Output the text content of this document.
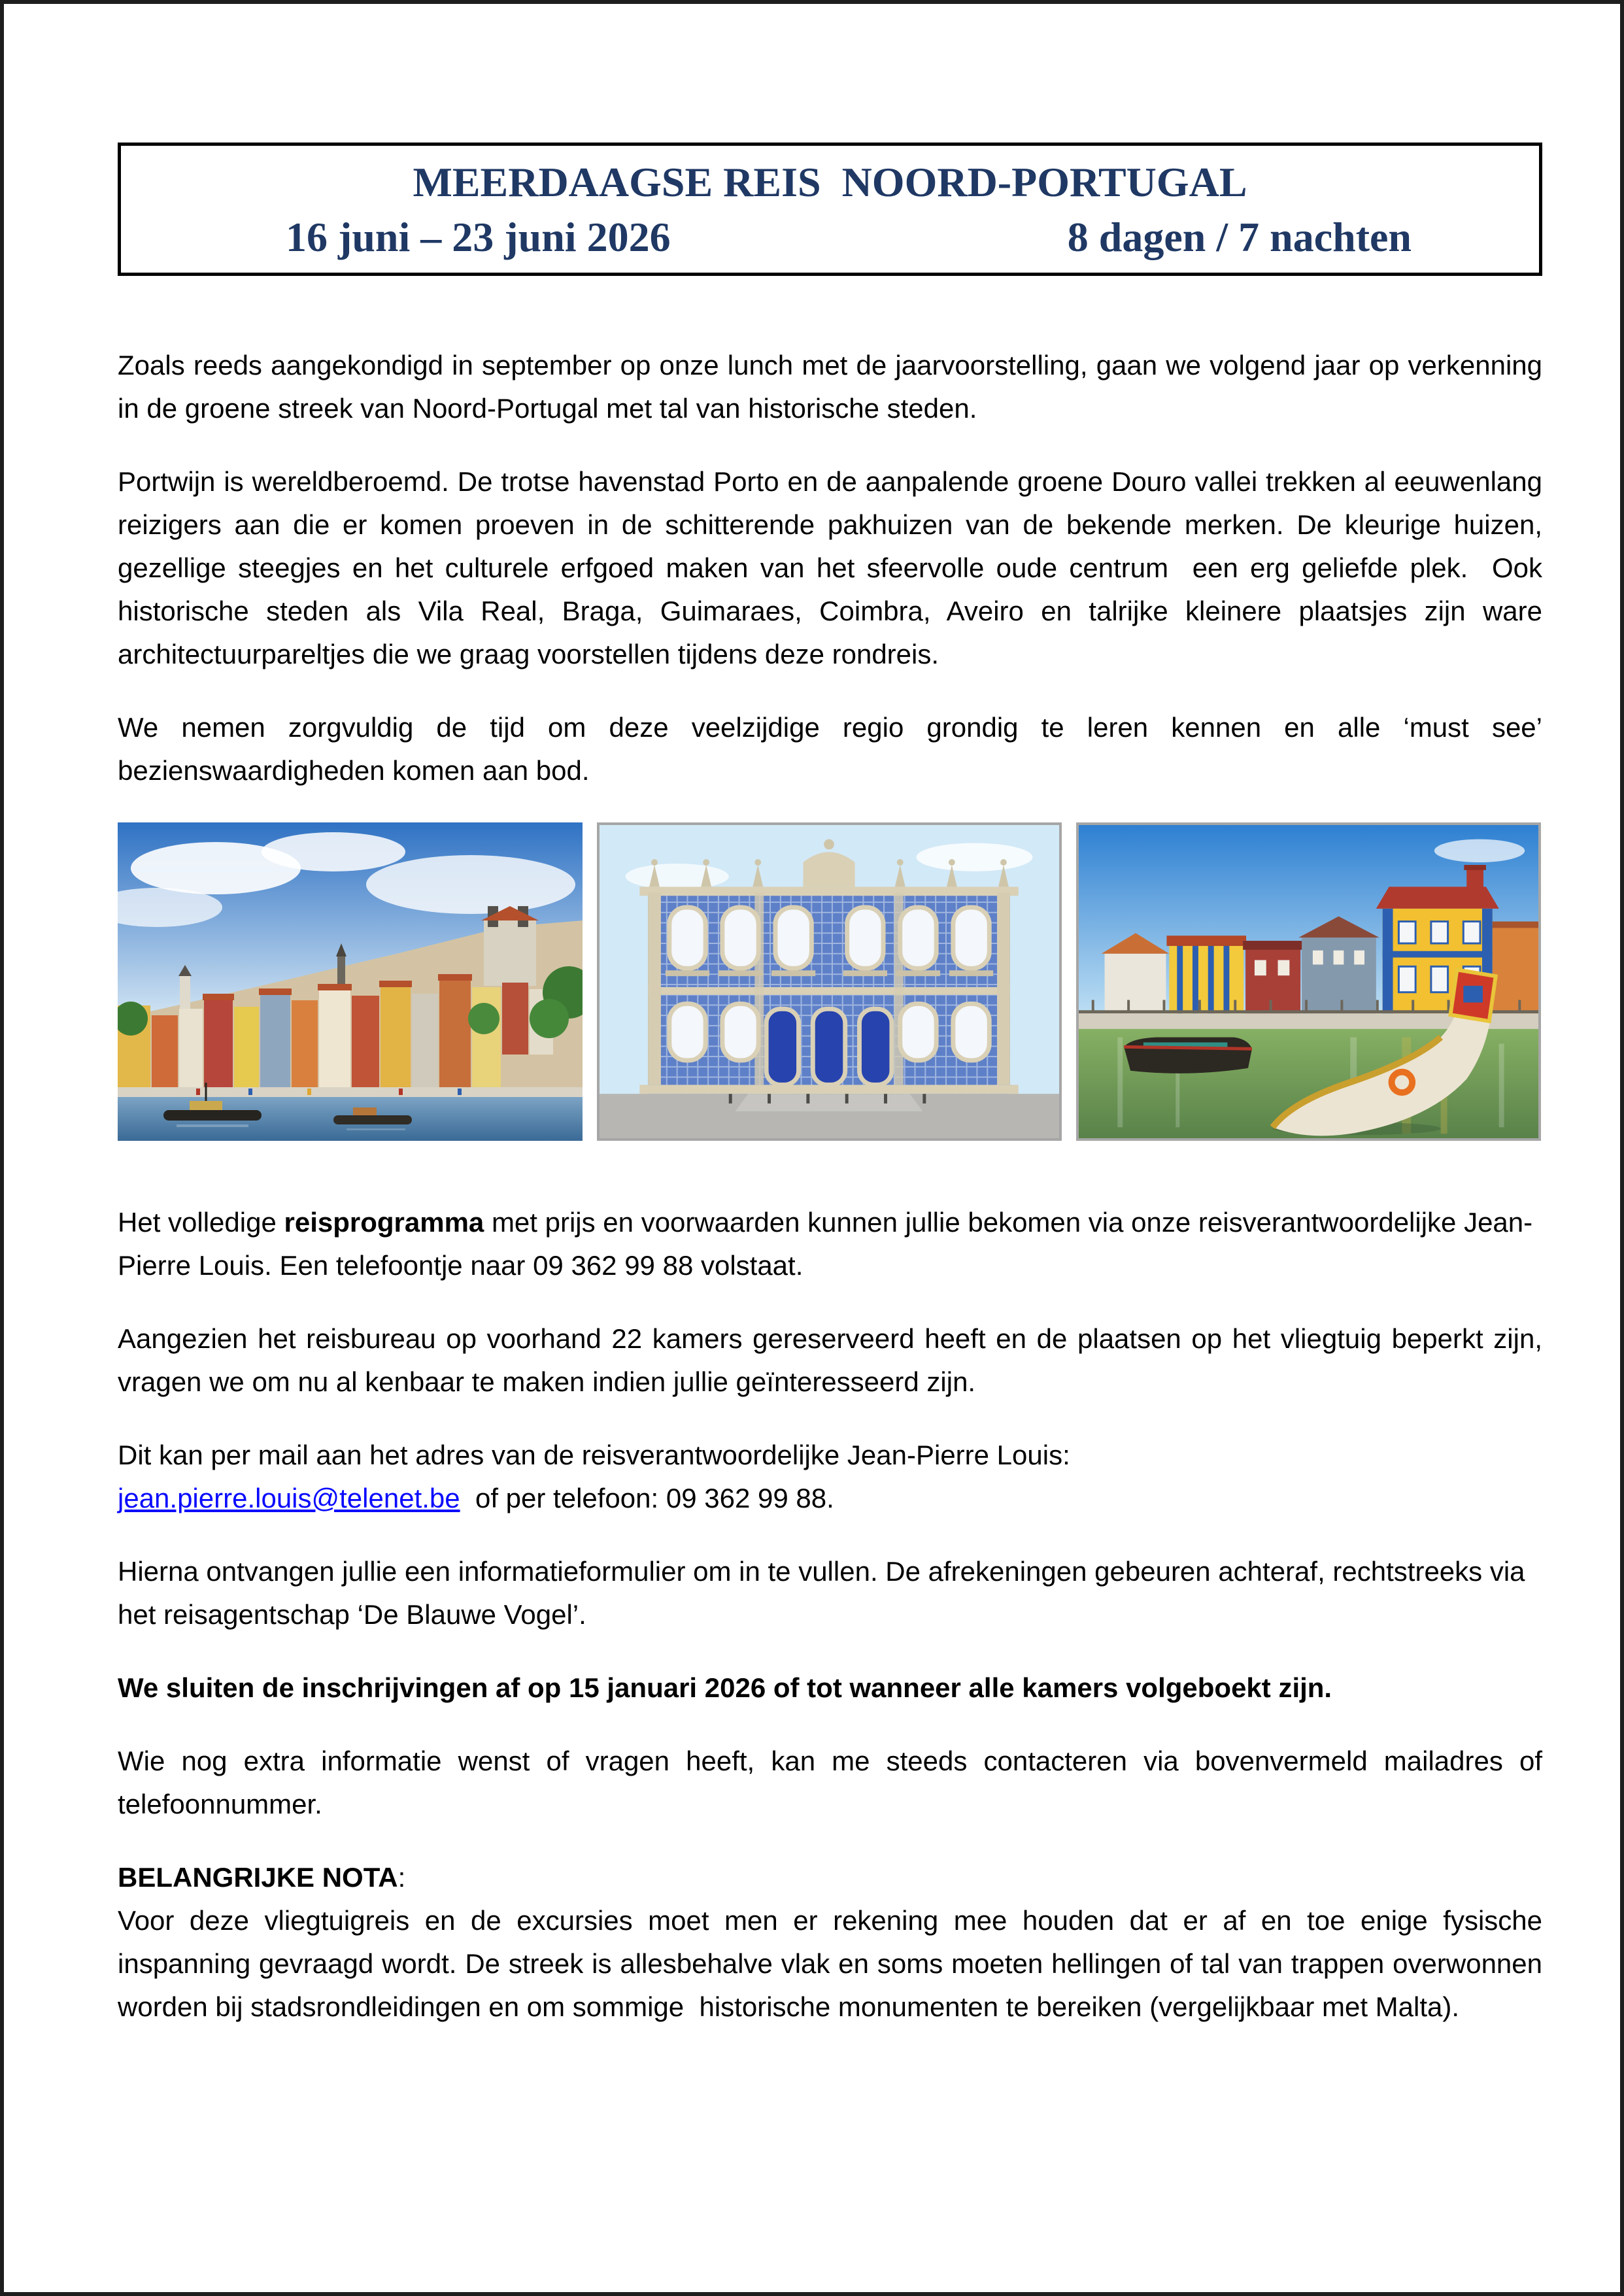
MEERDAAGSE REIS  NOORD-PORTUGAL
16 juni – 23 juni 2026	8 dagen / 7 nachten

Zoals reeds aangekondigd in september op onze lunch met de jaarvoorstelling, gaan we volgend jaar op verkenning in de groene streek van Noord-Portugal met tal van historische steden.

Portwijn is wereldberoemd. De trotse havenstad Porto en de aanpalende groene Douro vallei trekken al eeuwenlang reizigers aan die er komen proeven in de schitterende pakhuizen van de bekende merken. De kleurige huizen, gezellige steegjes en het culturele erfgoed maken van het sfeervolle oude centrum  een erg geliefde plek.  Ook historische steden als Vila Real, Braga, Guimaraes, Coimbra, Aveiro en talrijke kleinere plaatsjes zijn ware architectuurpareltjes die we graag voorstellen tijdens deze rondreis.

We nemen zorgvuldig de tijd om deze veelzijdige regio grondig te leren kennen en alle ‘must see’ bezienswaardigheden komen aan bod.

Het volledige reisprogramma met prijs en voorwaarden kunnen jullie bekomen via onze reisverantwoordelijke Jean-Pierre Louis. Een telefoontje naar 09 362 99 88 volstaat.

Aangezien het reisbureau op voorhand 22 kamers gereserveerd heeft en de plaatsen op het vliegtuig beperkt zijn, vragen we om nu al kenbaar te maken indien jullie geïnteresseerd zijn.

Dit kan per mail aan het adres van de reisverantwoordelijke Jean-Pierre Louis:
jean.pierre.louis@telenet.be  of per telefoon: 09 362 99 88.

Hierna ontvangen jullie een informatieformulier om in te vullen. De afrekeningen gebeuren achteraf, rechtstreeks via het reisagentschap ‘De Blauwe Vogel’.

We sluiten de inschrijvingen af op 15 januari 2026 of tot wanneer alle kamers volgeboekt zijn.

Wie nog extra informatie wenst of vragen heeft, kan me steeds contacteren via bovenvermeld mailadres of telefoonnummer.

BELANGRIJKE NOTA:
Voor deze vliegtuigreis en de excursies moet men er rekening mee houden dat er af en toe enige fysische inspanning gevraagd wordt. De streek is allesbehalve vlak en soms moeten hellingen of tal van trappen overwonnen worden bij stadsrondleidingen en om sommige  historische monumenten te bereiken (vergelijkbaar met Malta).
